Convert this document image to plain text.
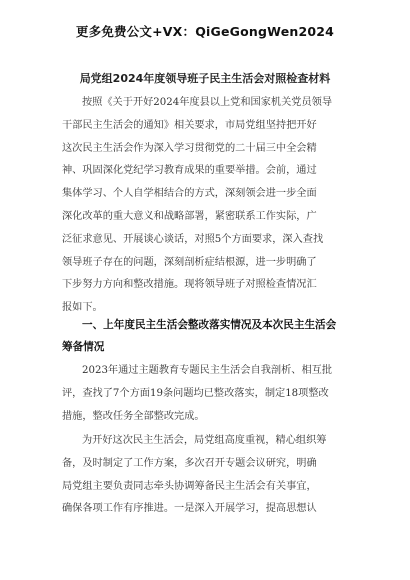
更多免费公文+VX：QiGeGongWen2024
局党组2024年度领导班子民主生活会对照检查材料
按照《关于开好2024年度县以上党和国家机关党员领导
干部民主生活会的通知》相关要求，市局党组坚持把开好
这次民主生活会作为深入学习贯彻党的二十届三中全会精
神、巩固深化党纪学习教育成果的重要举措。会前，通过
集体学习、个人自学相结合的方式，深刻领会进一步全面
深化改革的重大意义和战略部署，紧密联系工作实际，广
泛征求意见、开展谈心谈话，对照5个方面要求，深入查找
领导班子存在的问题，深刻剖析症结根源，进一步明确了
下步努力方向和整改措施。现将领导班子对照检查情况汇
报如下。
一、上年度民主生活会整改落实情况及本次民主生活会
筹备情况
2023年通过主题教育专题民主生活会自我剖析、相互批
评，查找了7个方面19条问题均已整改落实，制定18项整改
措施，整改任务全部整改完成。
为开好这次民主生活会，局党组高度重视，精心组织筹
备，及时制定了工作方案，多次召开专题会议研究，明确
局党组主要负责同志牵头协调筹备民主生活会有关事宜，
确保各项工作有序推进。一是深入开展学习，提高思想认
